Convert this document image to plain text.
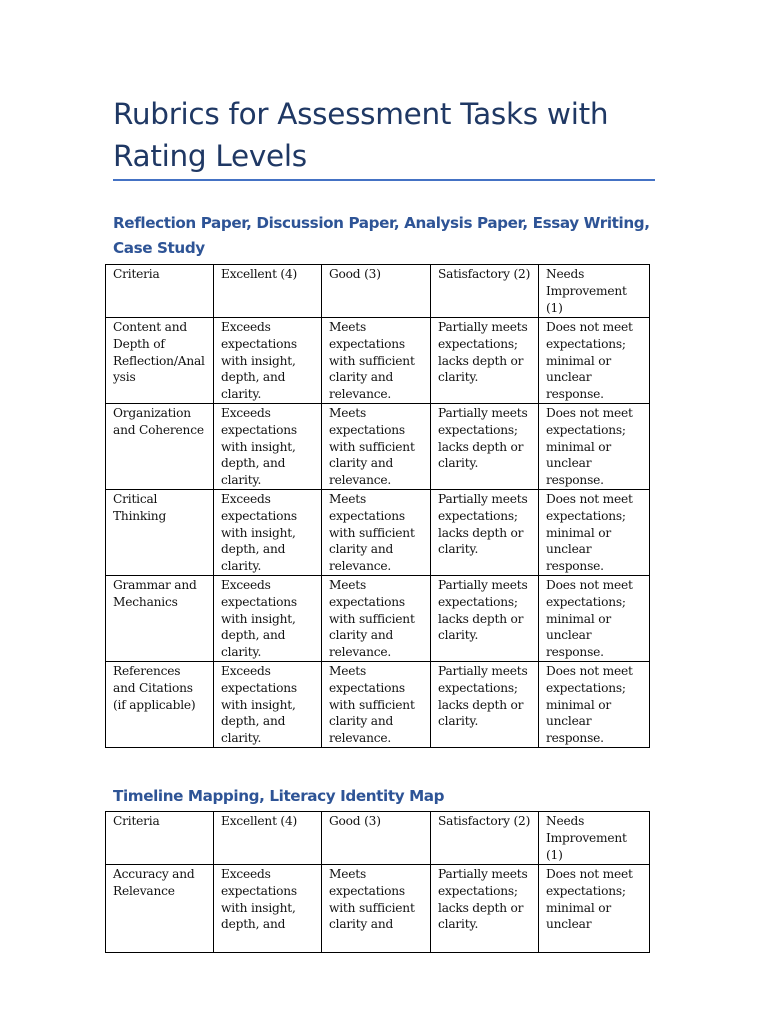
Rubrics for Assessment Tasks with
Rating Levels
Reflection Paper, Discussion Paper, Analysis Paper, Essay Writing, Case Study
Criteria	Excellent (4)	Good (3)	Satisfactory (2)	Needs Improvement (1)
Content and Depth of Reflection/Analysis	Exceeds expectations with insight, depth, and clarity.	Meets expectations with sufficient clarity and relevance.	Partially meets expectations; lacks depth or clarity.	Does not meet expectations; minimal or unclear response.
Organization and Coherence	Exceeds expectations with insight, depth, and clarity.	Meets expectations with sufficient clarity and relevance.	Partially meets expectations; lacks depth or clarity.	Does not meet expectations; minimal or unclear response.
Critical Thinking	Exceeds expectations with insight, depth, and clarity.	Meets expectations with sufficient clarity and relevance.	Partially meets expectations; lacks depth or clarity.	Does not meet expectations; minimal or unclear response.
Grammar and Mechanics	Exceeds expectations with insight, depth, and clarity.	Meets expectations with sufficient clarity and relevance.	Partially meets expectations; lacks depth or clarity.	Does not meet expectations; minimal or unclear response.
References and Citations (if applicable)	Exceeds expectations with insight, depth, and clarity.	Meets expectations with sufficient clarity and relevance.	Partially meets expectations; lacks depth or clarity.	Does not meet expectations; minimal or unclear response.
Timeline Mapping, Literacy Identity Map
Criteria	Excellent (4)	Good (3)	Satisfactory (2)	Needs Improvement (1)
Accuracy and Relevance	Exceeds expectations with insight, depth, and	Meets expectations with sufficient clarity and	Partially meets expectations; lacks depth or clarity.	Does not meet expectations; minimal or unclear
